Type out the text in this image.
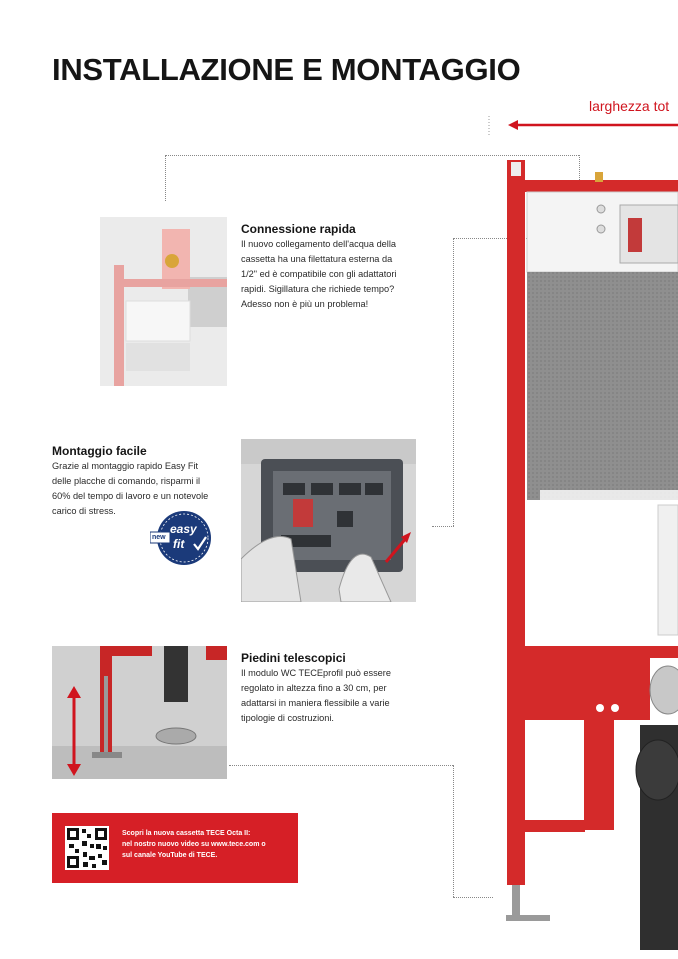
INSTALLAZIONE E MONTAGGIO
larghezza tot
Connessione rapida
Il nuovo collegamento dell'acqua della
cassetta ha una filettatura esterna da
1/2" ed è compatibile con gli adattatori
rapidi. Sigillatura che richiede tempo?
Adesso non è più un problema!
Montaggio facile
Grazie al montaggio rapido Easy Fit
delle placche di comando, risparmi il
60% del tempo di lavoro e un notevole
carico di stress.
easy
new fit
Piedini telescopici
Il modulo WC TECEprofil può essere
regolato in altezza fino a 30 cm, per
adattarsi in maniera flessibile a varie
tipologie di costruzioni.
Scopri la nuova cassetta TECE Octa II:
nel nostro nuovo video su www.tece.com o
sul canale YouTube di TECE.
